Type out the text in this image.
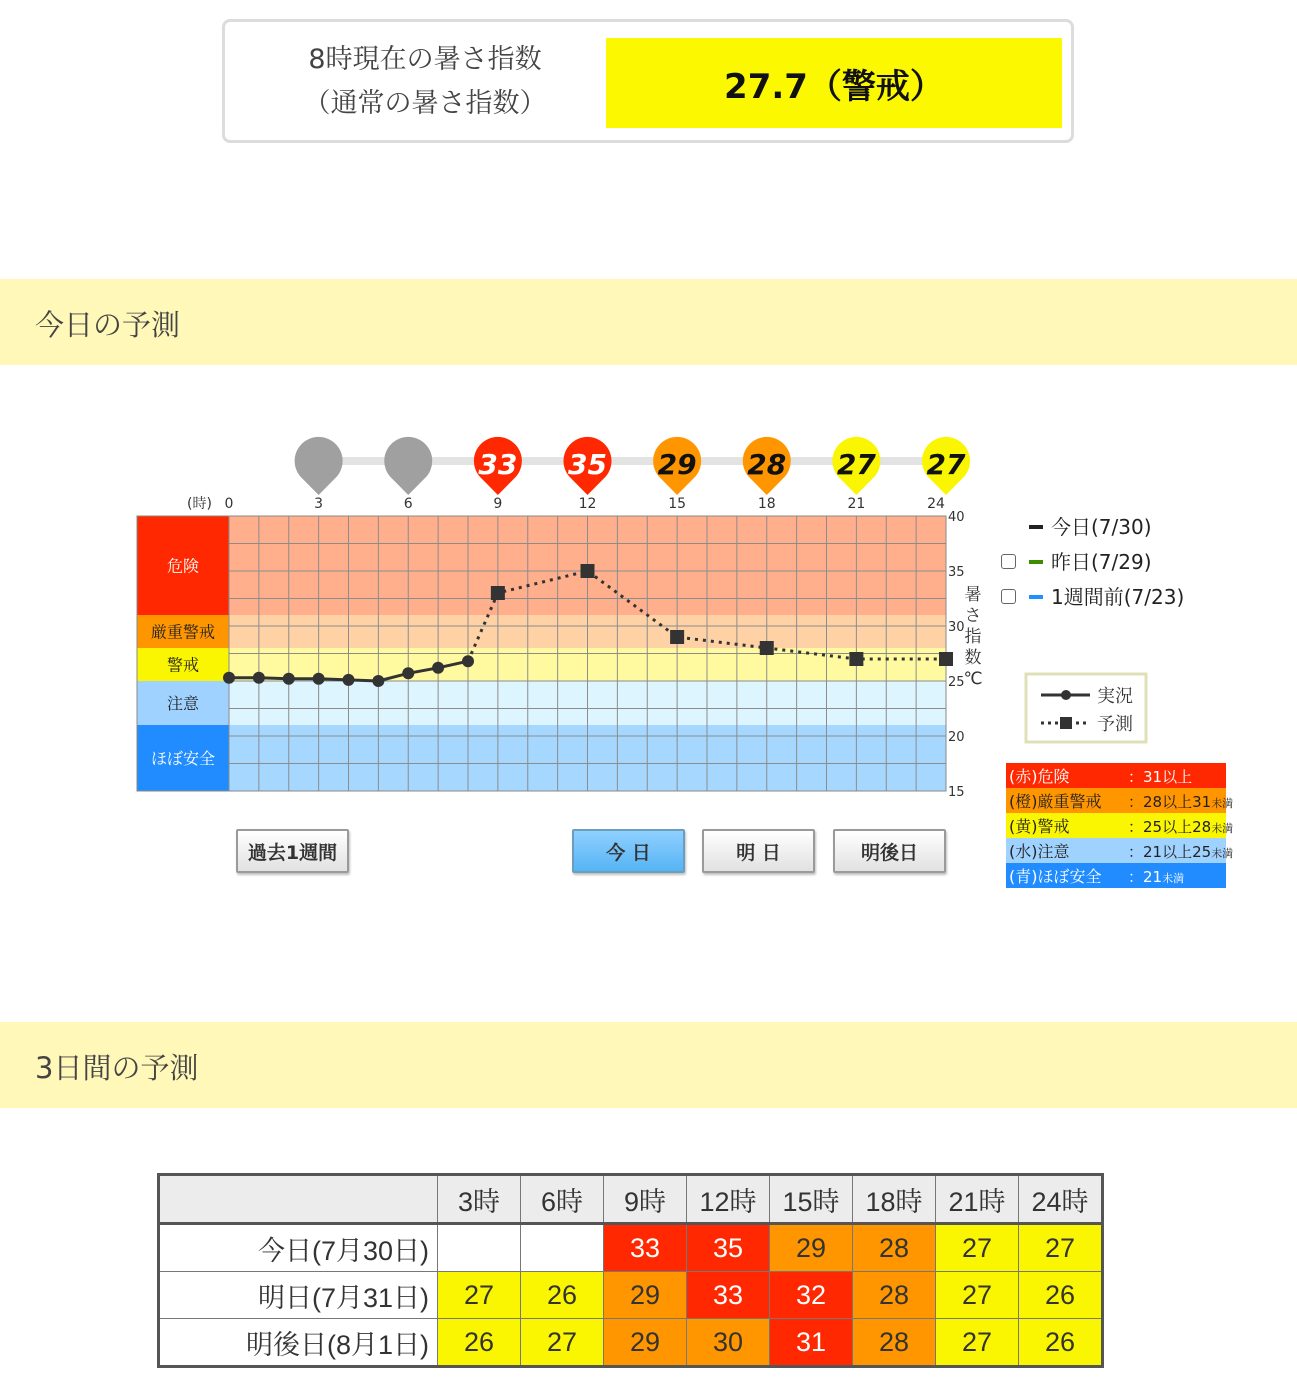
8時現在の暑さ指数
（通常の暑さ指数）	27.7（警戒）
今日の予測
危険
厳重警戒
警戒
注意
ほぼ安全
15
20
25
30
35
40
暑
さ
指
数
℃
(時) 0	3	6	9	12	15	18	21	24
33 35 29 28 27 27
今日(7/30)
昨日(7/29)
1週間前(7/23)
実況
予測
(赤)危険	：31以上
(橙)厳重警戒 ：28以上31未満
(黄)警戒	：25以上28未満
(水)注意	：21以上25未満
(青)ほぼ安全 ：21未満
過去1週間	今 日	明 日	明後日
3日間の予測
	3時	6時	9時	12時	15時	18時	21時	24時
今日(7月30日)			33	35	29	28	27	27
明日(7月31日)	27	26	29	33	32	28	27	26
明後日(8月1日)	26	27	29	30	31	28	27	26
